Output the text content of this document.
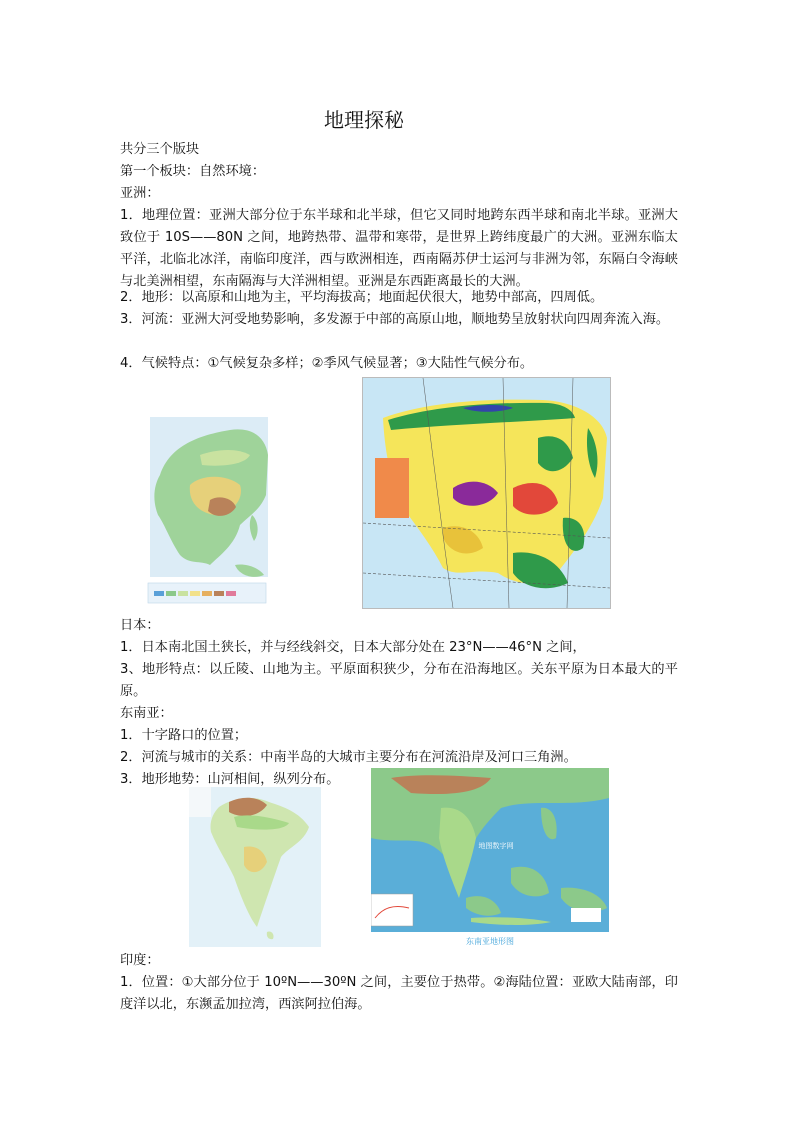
地理探秘
共分三个版块
第一个板块：自然环境：
亚洲：
1．地理位置：亚洲大部分位于东半球和北半球，但它又同时地跨东西半球和南北半球。亚洲大致位于 10S——80N 之间，地跨热带、温带和寒带，是世界上跨纬度最广的大洲。亚洲东临太平洋，北临北冰洋，南临印度洋，西与欧洲相连，西南隔苏伊士运河与非洲为邻，东隔白令海峡与北美洲相望，东南隔海与大洋洲相望。亚洲是东西距离最长的大洲。
2．地形：以高原和山地为主，平均海拔高；地面起伏很大，地势中部高，四周低。
3．河流：亚洲大河受地势影响，多发源于中部的高原山地，顺地势呈放射状向四周奔流入海。
4．气候特点：①气候复杂多样；②季风气候显著；③大陆性气候分布。
日本：
1．日本南北国土狭长，并与经线斜交，日本大部分处在 23°N——46°N 之间，
3、地形特点：以丘陵、山地为主。平原面积狭少，分布在沿海地区。关东平原为日本最大的平原。
东南亚：
1．十字路口的位置；
2．河流与城市的关系：中南半岛的大城市主要分布在河流沿岸及河口三角洲。
3．地形地势：山河相间，纵列分布。
东南亚地形图
地图数字网
印度：
1．位置：①大部分位于 10ºN——30ºN 之间，主要位于热带。②海陆位置：亚欧大陆南部，印度洋以北，东濒孟加拉湾，西滨阿拉伯海。
